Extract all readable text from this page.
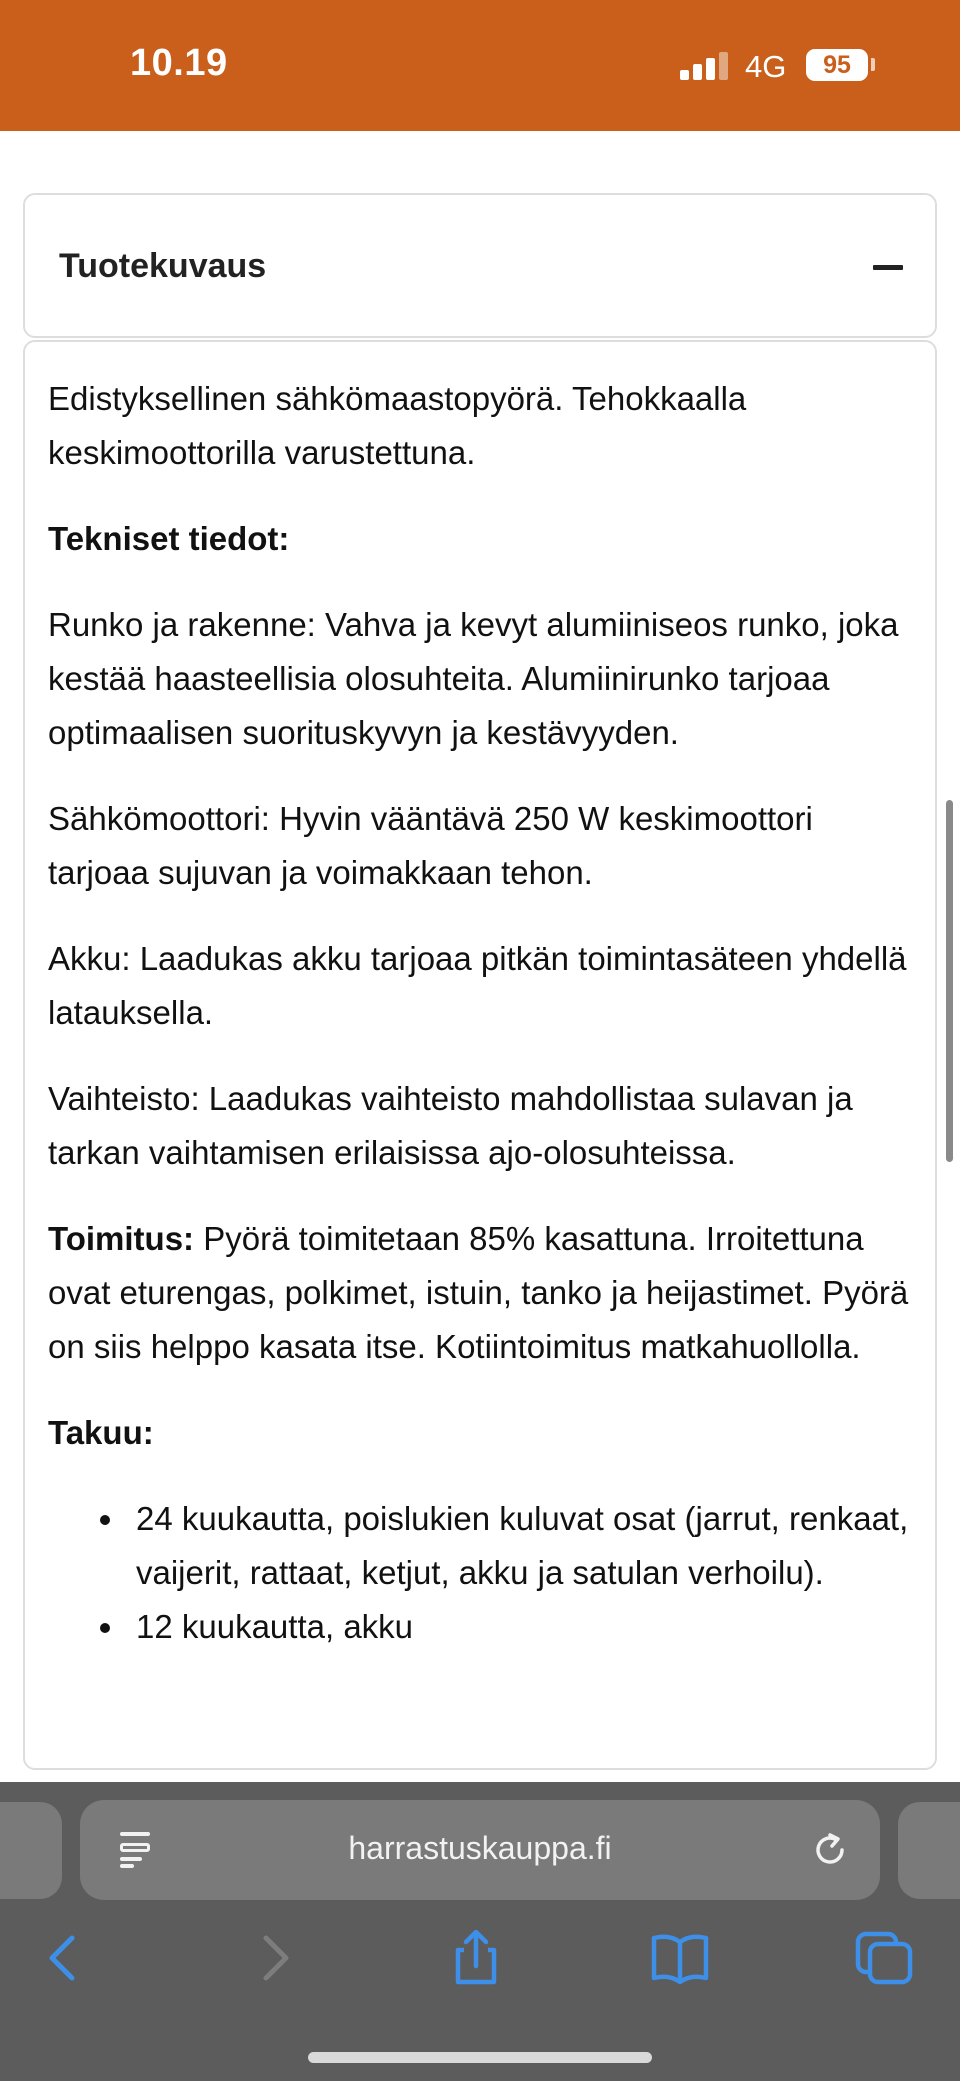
10.19	4G	95
Tuotekuvaus

Edistyksellinen sähkömaastopyörä. Tehokkaalla keskimoottorilla varustettuna.

Tekniset tiedot:

Runko ja rakenne: Vahva ja kevyt alumiiniseos runko, joka kestää haasteellisia olosuhteita. Alumiinirunko tarjoaa optimaalisen suorituskyvyn ja kestävyyden.

Sähkömoottori: Hyvin vääntävä 250 W keskimoottori tarjoaa sujuvan ja voimakkaan tehon.

Akku: Laadukas akku tarjoaa pitkän toimintasäteen yhdellä latauksella.

Vaihteisto: Laadukas vaihteisto mahdollistaa sulavan ja tarkan vaihtamisen erilaisissa ajo-olosuhteissa.

Toimitus: Pyörä toimitetaan 85% kasattuna. Irroitettuna ovat eturengas, polkimet, istuin, tanko ja heijastimet. Pyörä on siis helppo kasata itse. Kotiintoimitus matkahuollolla.

Takuu:

24 kuukautta, poislukien kuluvat osat (jarrut, renkaat, vaijerit, rattaat, ketjut, akku ja satulan verhoilu).
12 kuukautta, akku
harrastuskauppa.fi
